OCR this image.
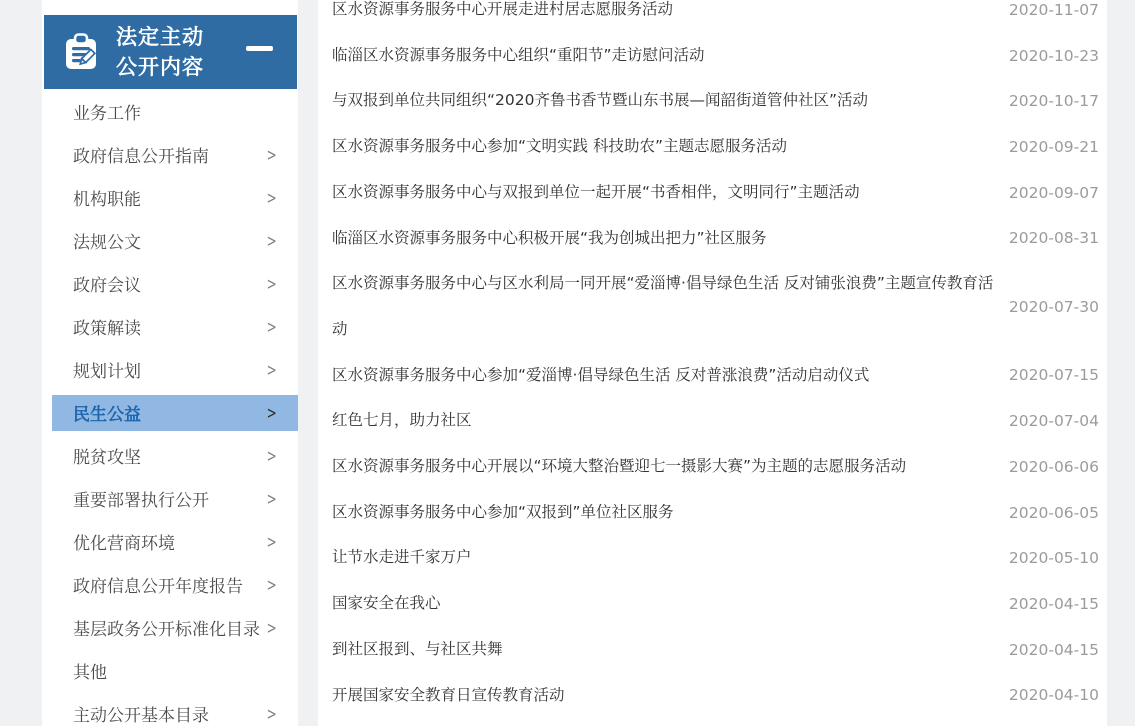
法定主动
公开内容
业务工作
政府信息公开指南	>
机构职能	>
法规公文	>
政府会议	>
政策解读	>
规划计划	>
民生公益	>
脱贫攻坚	>
重要部署执行公开	>
优化营商环境	>
政府信息公开年度报告 >
基层政务公开标准化目录 >
其他
主动公开基本目录	>
区水资源事务服务中心开展走进村居志愿服务活动	2020-11-07
临淄区水资源事务服务中心组织“重阳节”走访慰问活动	2020-10-23
与双报到单位共同组织“2020齐鲁书香节暨山东书展—闻韶街道管仲社区”活动	2020-10-17
区水资源事务服务中心参加“文明实践 科技助农”主题志愿服务活动	2020-09-21
区水资源事务服务中心与双报到单位一起开展“书香相伴，文明同行”主题活动	2020-09-07
临淄区水资源事务服务中心积极开展“我为创城出把力”社区服务	2020-08-31
区水资源事务服务中心与区水利局一同开展“爱淄博·倡导绿色生活 反对铺张浪费”主题宣传教育活动
2020-07-30
区水资源事务服务中心参加“爱淄博·倡导绿色生活 反对普涨浪费”活动启动仪式	2020-07-15
红色七月，助力社区	2020-07-04
区水资源事务服务中心开展以“环境大整治暨迎七一摄影大赛”为主题的志愿服务活动	2020-06-06
区水资源事务服务中心参加“双报到”单位社区服务	2020-06-05
让节水走进千家万户	2020-05-10
国家安全在我心	2020-04-15
到社区报到、与社区共舞	2020-04-15
开展国家安全教育日宣传教育活动	2020-04-10
